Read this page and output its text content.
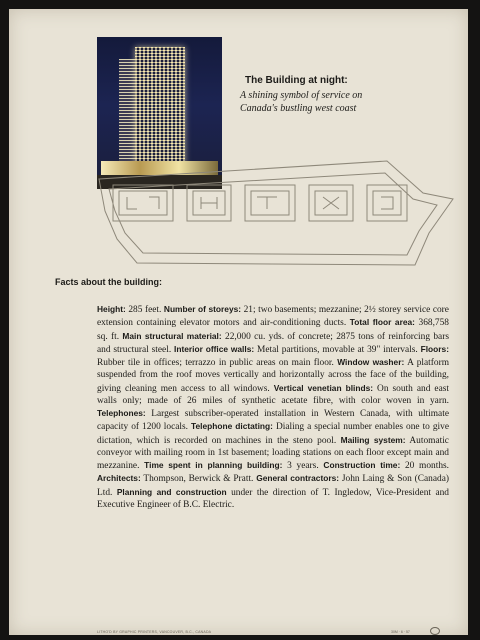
The Building at night:
A shining symbol of service on Canada's bustling west coast
Facts about the building:
Height: 285 feet. Number of storeys: 21; two basements; mezzanine; 2½ storey service core extension containing elevator motors and air-conditioning ducts. Total floor area: 368,758 sq. ft. Main structural material: 22,000 cu. yds. of concrete; 2875 tons of reinforcing bars and structural steel. Interior office walls: Metal partitions, movable at 39" intervals. Floors: Rubber tile in offices; terrazzo in public areas on main floor. Window washer: A platform suspended from the roof moves vertically and horizontally across the face of the building, giving cleaning men access to all windows. Vertical venetian blinds: On south and east walls only; made of 26 miles of synthetic acetate fibre, with color woven in yarn. Telephones: Largest subscriber-operated installation in Western Canada, with ultimate capacity of 1200 locals. Telephone dictating: Dialing a special number enables one to give dictation, which is recorded on machines in the steno pool. Mailing system: Automatic conveyor with mailing room in 1st basement; loading stations on each floor except main and mezzanine. Time spent in planning building: 3 years. Construction time: 20 months. Architects: Thompson, Berwick & Pratt. General contractors: John Laing & Son (Canada) Ltd. Planning and construction under the direction of T. Ingledow, Vice-President and Executive Engineer of B.C. Electric.
LITHO'D BY GRAPHIC PRINTERS, VANCOUVER, B.C., CANADA	30M · 6 · 57
